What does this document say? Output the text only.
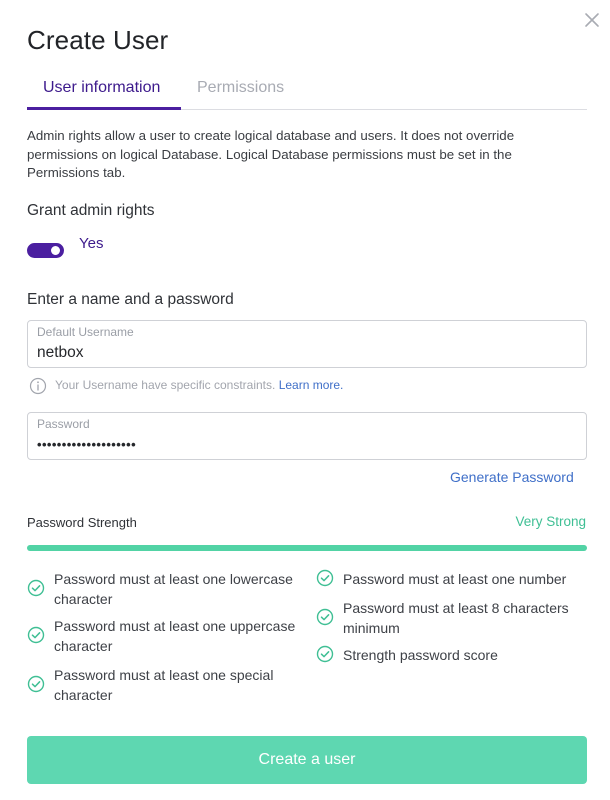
Create User
User information Permissions

Admin rights allow a user to create logical database and users. It does not override permissions on logical Database. Logical Database permissions must be set in the Permissions tab.

Grant admin rights
Yes
Enter a name and a password
Default Username
netbox
Your Username have specific constraints. Learn more.
Password
••••••••••••••••••••
Generate Password
Password Strength	Very Strong
Password must at least one lowercase character
Password must at least one uppercase character
Password must at least one special character
Password must at least one number
Password must at least 8 characters minimum
Strength password score
Create a user
